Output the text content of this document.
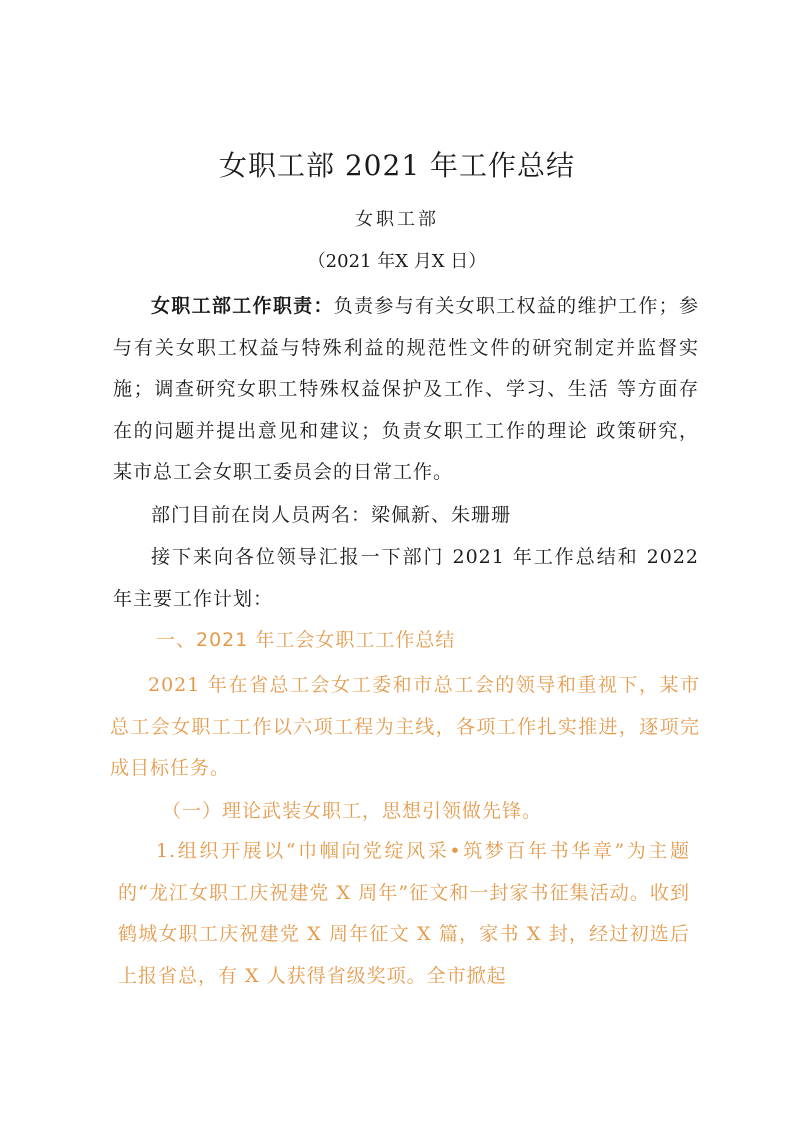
女职工部 2021 年工作总结
女职工部
（2021 年X 月X 日）
女职工部工作职责：负责参与有关女职工权益的维护工作；参与有关女职工权益与特殊利益的规范性文件的研究制定并监督实施；调查研究女职工特殊权益保护及工作、学习、生活 等方面存在的问题并提出意见和建议；负责女职工工作的理论 政策研究，某市总工会女职工委员会的日常工作。
部门目前在岗人员两名：梁佩新、朱珊珊
接下来向各位领导汇报一下部门 2021 年工作总结和 2022 年主要工作计划：
一、2021 年工会女职工工作总结
2021 年在省总工会女工委和市总工会的领导和重视下，某市总工会女职工工作以六项工程为主线，各项工作扎实推进，逐项完成目标任务。
（一）理论武装女职工，思想引领做先锋。
1.组织开展以“巾帼向党绽风采•筑梦百年书华章”为主题的“龙江女职工庆祝建党 X 周年”征文和一封家书征集活动。收到鹤城女职工庆祝建党 X 周年征文 X 篇，家书 X 封，经过初选后上报省总，有 X 人获得省级奖项。全市掀起
